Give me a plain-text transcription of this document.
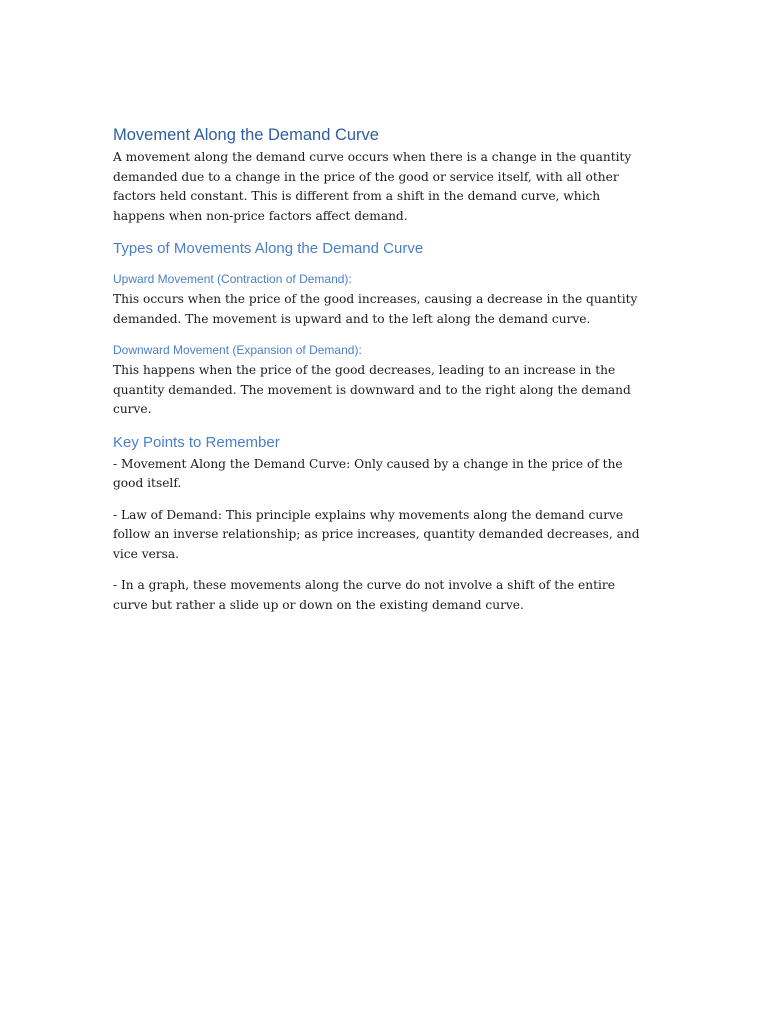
Movement Along the Demand Curve

A movement along the demand curve occurs when there is a change in the quantity demanded due to a change in the price of the good or service itself, with all other factors held constant. This is different from a shift in the demand curve, which happens when non-price factors affect demand.

Types of Movements Along the Demand Curve
Upward Movement (Contraction of Demand):

This occurs when the price of the good increases, causing a decrease in the quantity demanded. The movement is upward and to the left along the demand curve.

Downward Movement (Expansion of Demand):

This happens when the price of the good decreases, leading to an increase in the quantity demanded. The movement is downward and to the right along the demand curve.

Key Points to Remember

- Movement Along the Demand Curve: Only caused by a change in the price of the good itself.

- Law of Demand: This principle explains why movements along the demand curve follow an inverse relationship; as price increases, quantity demanded decreases, and vice versa.

- In a graph, these movements along the curve do not involve a shift of the entire curve but rather a slide up or down on the existing demand curve.
